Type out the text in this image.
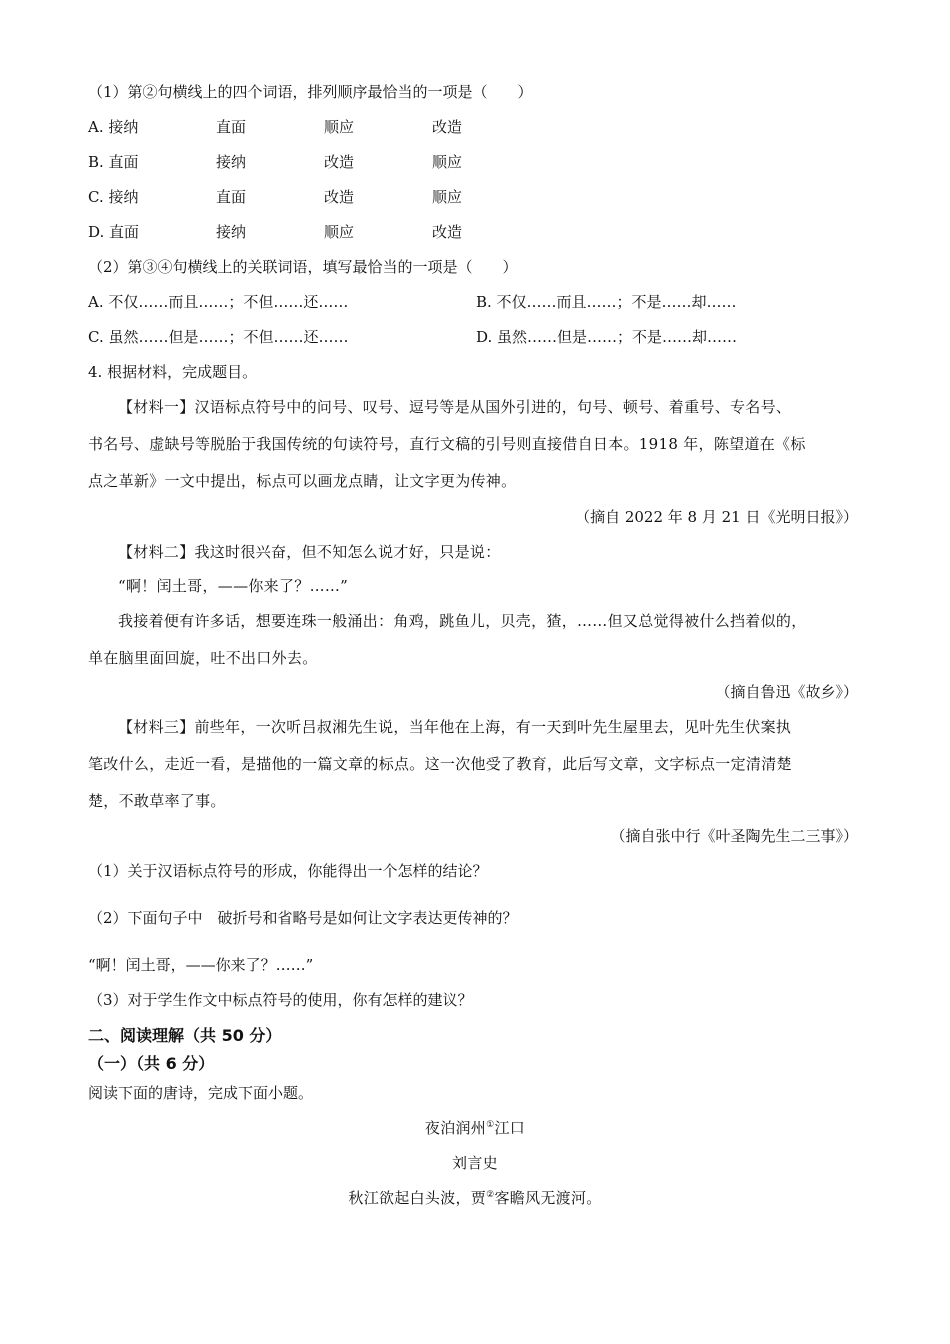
（1）第②句横线上的四个词语，排列顺序最恰当的一项是（　　）
A. 接纳	直面	顺应	改造
B. 直面	接纳	改造	顺应
C. 接纳	直面	改造	顺应
D. 直面	接纳	顺应	改造
（2）第③④句横线上的关联词语，填写最恰当的一项是（　　）
A. 不仅……而且……；不但……还……	B. 不仅……而且……；不是……却……
C. 虽然……但是……；不但……还……	D. 虽然……但是……；不是……却……
4. 根据材料，完成题目。
【材料一】汉语标点符号中的问号、叹号、逗号等是从国外引进的，句号、顿号、着重号、专名号、
书名号、虚缺号等脱胎于我国传统的句读符号，直行文稿的引号则直接借自日本。1918 年，陈望道在《标
点之革新》一文中提出，标点可以画龙点睛，让文字更为传神。
（摘自 2022 年 8 月 21 日《光明日报》）
【材料二】我这时很兴奋，但不知怎么说才好，只是说：
“啊！闰土哥，——你来了？……”
我接着便有许多话，想要连珠一般涌出：角鸡，跳鱼儿，贝壳，猹，……但又总觉得被什么挡着似的，
单在脑里面回旋，吐不出口外去。
（摘自鲁迅《故乡》）
【材料三】前些年，一次听吕叔湘先生说，当年他在上海，有一天到叶先生屋里去，见叶先生伏案执
笔改什么，走近一看，是描他的一篇文章的标点。这一次他受了教育，此后写文章，文字标点一定清清楚
楚，不敢草率了事。
（摘自张中行《叶圣陶先生二三事》）
（1）关于汉语标点符号的形成，你能得出一个怎样的结论？
（2）下面句子中　破折号和省略号是如何让文字表达更传神的？
“啊！闰土哥，——你来了？……”
（3）对于学生作文中标点符号的使用，你有怎样的建议？
二、阅读理解（共 50 分）
（一）（共 6 分）
阅读下面的唐诗，完成下面小题。
夜泊润州①江口
刘言史
秋江欲起白头波，贾②客瞻风无渡河。
